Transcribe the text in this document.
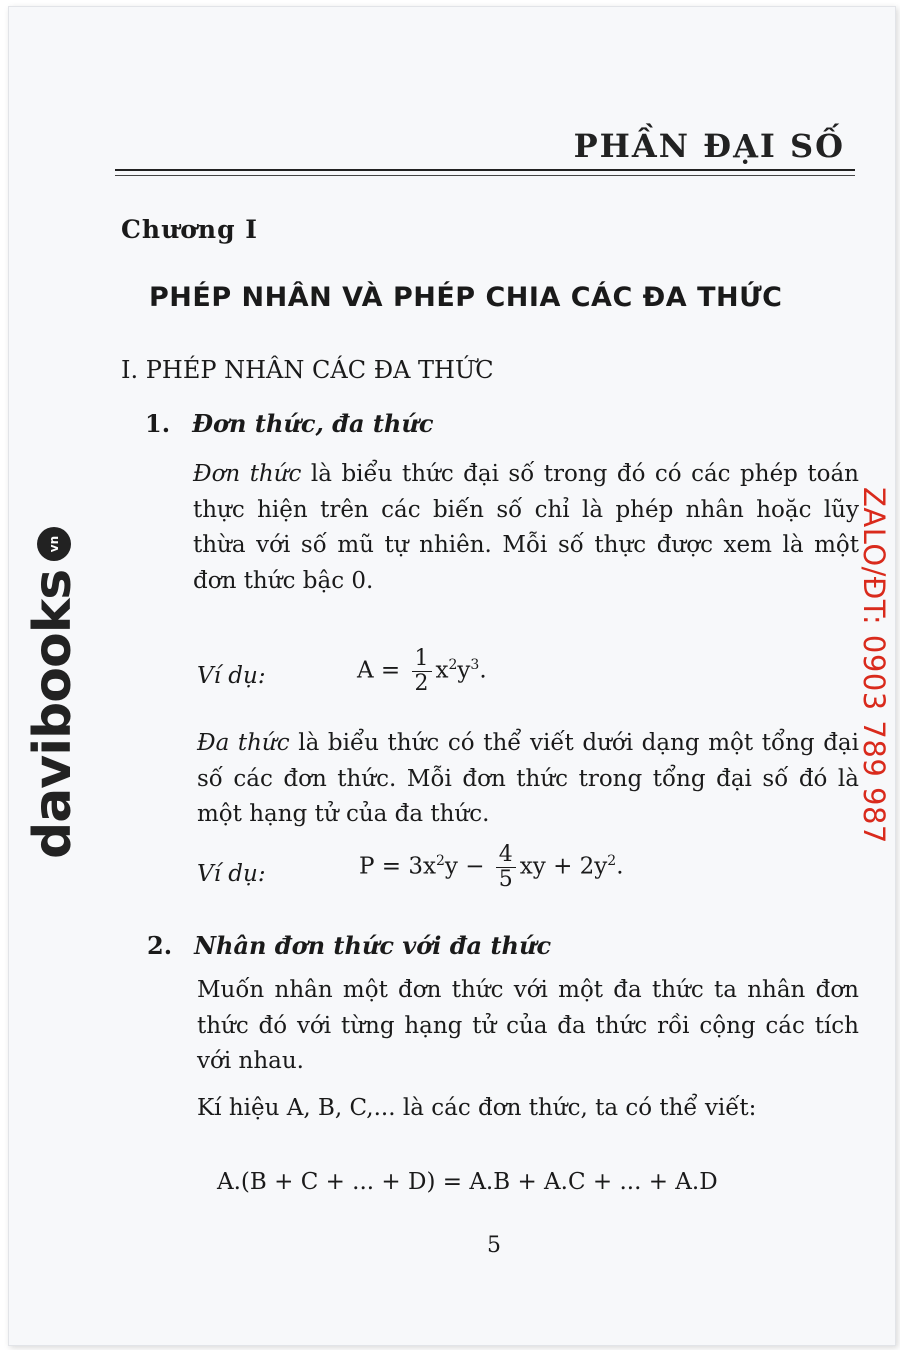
PHẦN ĐẠI SỐ
Chương I
PHÉP NHÂN VÀ PHÉP CHIA CÁC ĐA THỨC
I. PHÉP NHÂN CÁC ĐA THỨC
1. Đơn thức, đa thức
Đơn thức là biểu thức đại số trong đó có các phép toán thực hiện trên các biến số chỉ là phép nhân hoặc lũy thừa với số mũ tự nhiên. Mỗi số thực được xem là một đơn thức bậc 0.
Ví dụ:	$A = \frac{1}{2} x^2y^3$.
Đa thức là biểu thức có thể viết dưới dạng một tổng đại số các đơn thức. Mỗi đơn thức trong tổng đại số đó là một hạng tử của đa thức.
Ví dụ:	$P = 3x^2y - \frac{4}{5}$ xy + $2y^2$.
2. Nhân đơn thức với đa thức
Muốn nhân một đơn thức với một đa thức ta nhân đơn thức đó với từng hạng tử của đa thức rồi cộng các tích với nhau.
Kí hiệu A, B, C,... là các đơn thức, ta có thể viết:
A.(B + C + ... + D) = A.B + A.C + ... + A.D
5
vn
davibooks	ZALO/ĐT: 0903 789 987
